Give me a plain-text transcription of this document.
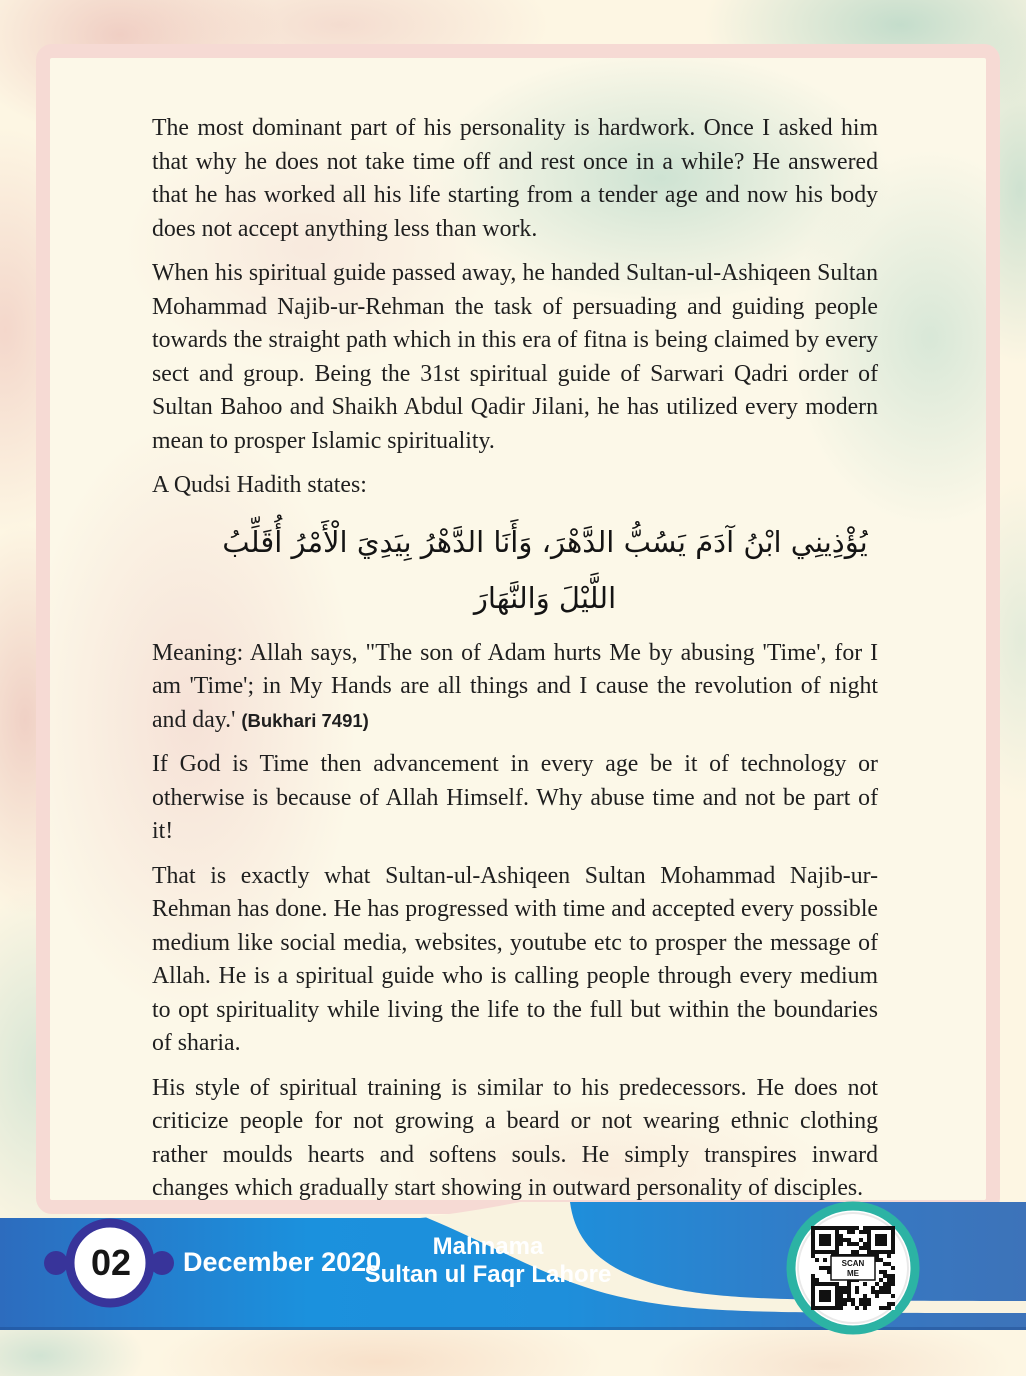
The most dominant part of his personality is hardwork. Once I asked him that why he does not take time off and rest once in a while? He answered that he has worked all his life starting from a tender age and now his body does not accept anything less than work.

When his spiritual guide passed away, he handed Sultan-ul-Ashiqeen Sultan Mohammad Najib-ur-Rehman the task of persuading and guiding people towards the straight path which in this era of fitna is being claimed by every sect and group. Being the 31st spiritual guide of Sarwari Qadri order of Sultan Bahoo and Shaikh Abdul Qadir Jilani, he has utilized every modern mean to prosper Islamic spirituality.

A Qudsi Hadith states:

يُؤْذِينِي ابْنُ آدَمَ يَسُبُّ الدَّهْرَ، وَأَنَا الدَّهْرُ بِيَدِيَ الْأَمْرُ أُقَلِّبُ اللَّيْلَ وَالنَّهَارَ

Meaning: Allah says, "The son of Adam hurts Me by abusing 'Time', for I am 'Time'; in My Hands are all things and I cause the revolution of night and day.' (Bukhari 7491)

If God is Time then advancement in every age be it of technology or otherwise is because of Allah Himself. Why abuse time and not be part of it!

That is exactly what Sultan-ul-Ashiqeen Sultan Mohammad Najib-ur-Rehman has done. He has progressed with time and accepted every possible medium like social media, websites, youtube etc to prosper the message of Allah. He is a spiritual guide who is calling people through every medium to opt spirituality while living the life to the full but within the boundaries of sharia.

His style of spiritual training is similar to his predecessors. He does not criticize people for not growing a beard or not wearing ethnic clothing rather moulds hearts and softens souls. He simply transpires inward changes which gradually start showing in outward personality of disciples.

SCAN
ME
02	December 2020
Mahnama
Sultan ul Faqr Lahore
